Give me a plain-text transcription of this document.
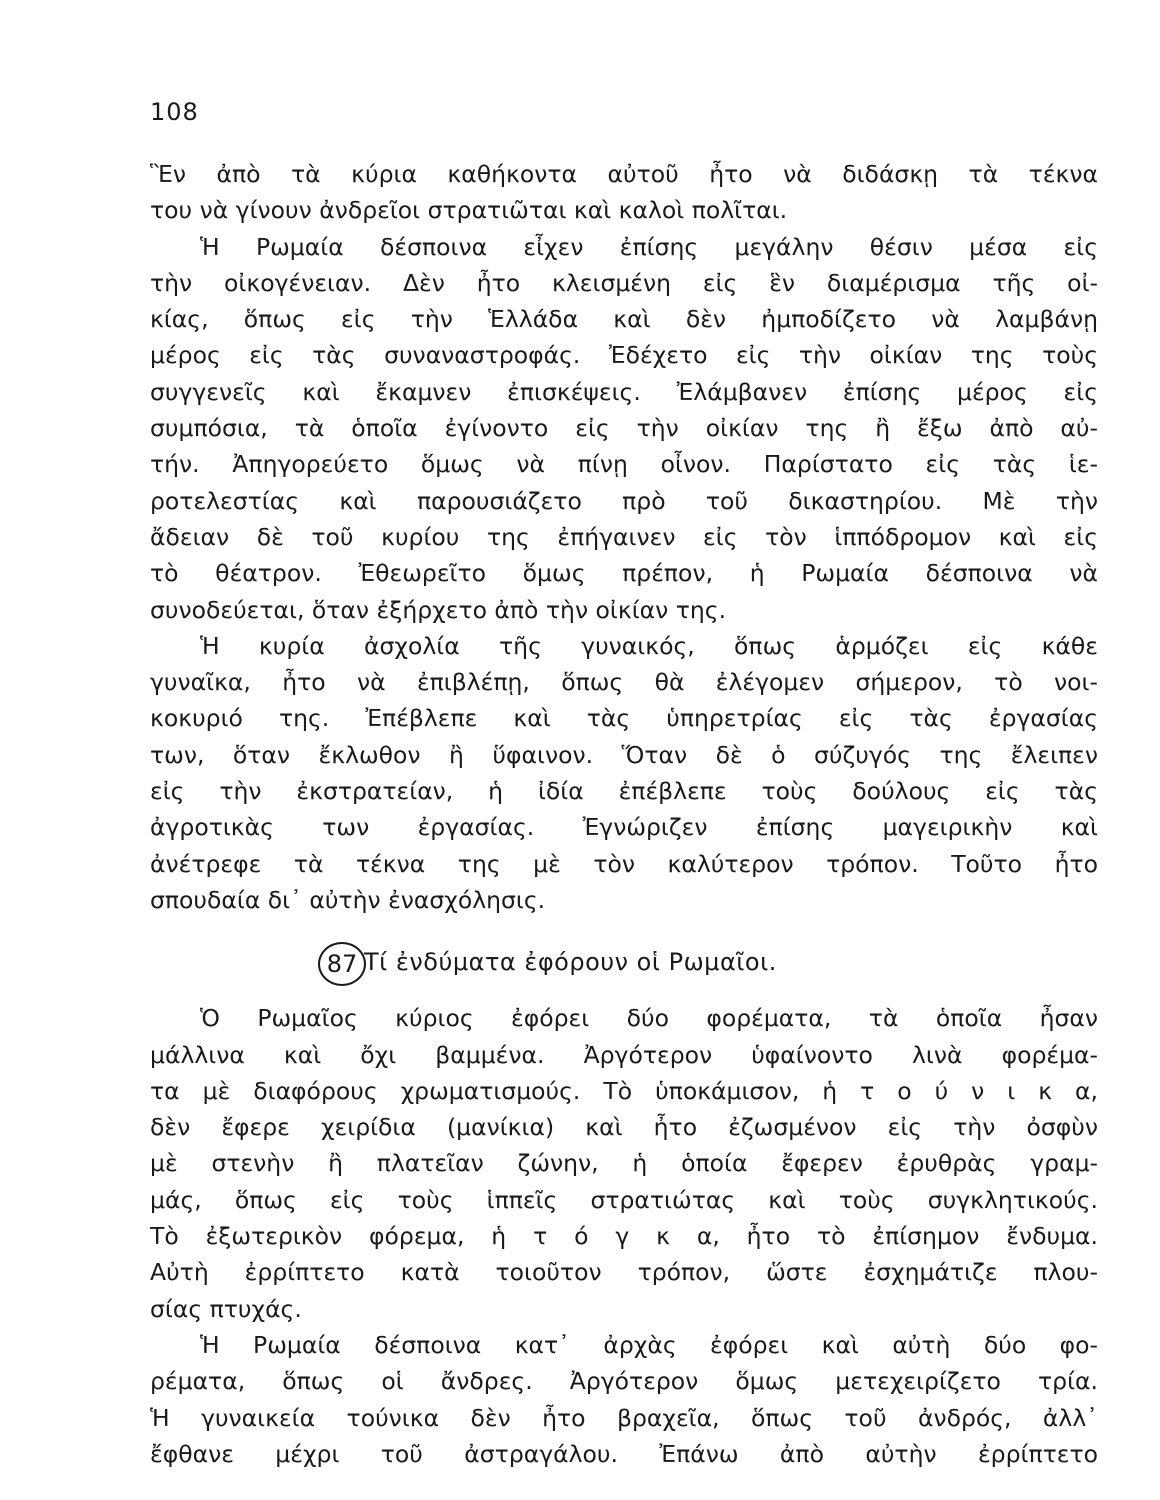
108
Ἓν ἀπὸ τὰ κύρια καθήκοντα αὐτοῦ ἦτο νὰ διδάσκῃ τὰ τέκνα
του νὰ γίνουν ἀνδρεῖοι στρατιῶται καὶ καλοὶ πολῖται.
Ἡ Ρωμαία δέσποινα εἶχεν ἐπίσης μεγάλην θέσιν μέσα εἰς
τὴν οἰκογένειαν. Δὲν ἦτο κλεισμένη εἰς ἓν διαμέρισμα τῆς οἰ-
κίας, ὅπως εἰς τὴν Ἑλλάδα καὶ δὲν ἠμποδίζετο νὰ λαμβάνῃ
μέρος εἰς τὰς συναναστροφάς. Ἐδέχετο εἰς τὴν οἰκίαν της τοὺς
συγγενεῖς καὶ ἔκαμνεν ἐπισκέψεις. Ἐλάμβανεν ἐπίσης μέρος εἰς
συμπόσια, τὰ ὁποῖα ἐγίνοντο εἰς τὴν οἰκίαν της ἢ ἔξω ἀπὸ αὐ-
τήν. Ἀπηγορεύετο ὅμως νὰ πίνῃ οἶνον. Παρίστατο εἰς τὰς ἱε-
ροτελεστίας καὶ παρουσιάζετο πρὸ τοῦ δικαστηρίου. Μὲ τὴν
ἄδειαν δὲ τοῦ κυρίου της ἐπήγαινεν εἰς τὸν ἱππόδρομον καὶ εἰς
τὸ θέατρον. Ἐθεωρεῖτο ὅμως πρέπον, ἡ Ρωμαία δέσποινα νὰ
συνοδεύεται, ὅταν ἐξήρχετο ἀπὸ τὴν οἰκίαν της.
Ἡ κυρία ἀσχολία τῆς γυναικός, ὅπως ἁρμόζει εἰς κάθε
γυναῖκα, ἦτο νὰ ἐπιβλέπῃ, ὅπως θὰ ἐλέγομεν σήμερον, τὸ νοι-
κοκυριό της. Ἐπέβλεπε καὶ τὰς ὑπηρετρίας εἰς τὰς ἐργασίας
των, ὅταν ἔκλωθον ἢ ὕφαινον. Ὅταν δὲ ὁ σύζυγός της ἔλειπεν
εἰς τὴν ἐκστρατείαν, ἡ ἰδία ἐπέβλεπε τοὺς δούλους εἰς τὰς
ἀγροτικὰς των ἐργασίας. Ἐγνώριζεν ἐπίσης μαγειρικὴν καὶ
ἀνέτρεφε τὰ τέκνα της μὲ τὸν καλύτερον τρόπον. Τοῦτο ἦτο
σπουδαία δι᾽ αὐτὴν ἐνασχόλησις.
87 Τί ἐνδύματα ἐφόρουν οἱ Ρωμαῖοι.
Ὁ Ρωμαῖος κύριος ἐφόρει δύο φορέματα, τὰ ὁποῖα ἦσαν
μάλλινα καὶ ὄχι βαμμένα. Ἀργότερον ὑφαίνοντο λινὰ φορέμα-
τα μὲ διαφόρους χρωματισμούς. Τὸ ὑποκάμισον, ἡ τ ο ύ ν ι κ α,
δὲν ἔφερε χειρίδια (μανίκια) καὶ ἦτο ἐζωσμένον εἰς τὴν ὀσφὺν
μὲ στενὴν ἢ πλατεῖαν ζώνην, ἡ ὁποία ἔφερεν ἐρυθρὰς γραμ-
μάς, ὅπως εἰς τοὺς ἱππεῖς στρατιώτας καὶ τοὺς συγκλητικούς.
Τὸ ἐξωτερικὸν φόρεμα, ἡ τ ό γ κ α, ἦτο τὸ ἐπίσημον ἔνδυμα.
Αὐτὴ ἐρρίπτετο κατὰ τοιοῦτον τρόπον, ὥστε ἐσχημάτιζε πλου-
σίας πτυχάς.
Ἡ Ρωμαία δέσποινα κατ᾽ ἀρχὰς ἐφόρει καὶ αὐτὴ δύο φο-
ρέματα, ὅπως οἱ ἄνδρες. Ἀργότερον ὅμως μετεχειρίζετο τρία.
Ἡ γυναικεία τούνικα δὲν ἦτο βραχεῖα, ὅπως τοῦ ἀνδρός, ἀλλ᾽
ἔφθανε μέχρι τοῦ ἀστραγάλου. Ἐπάνω ἀπὸ αὐτὴν ἐρρίπτετο
